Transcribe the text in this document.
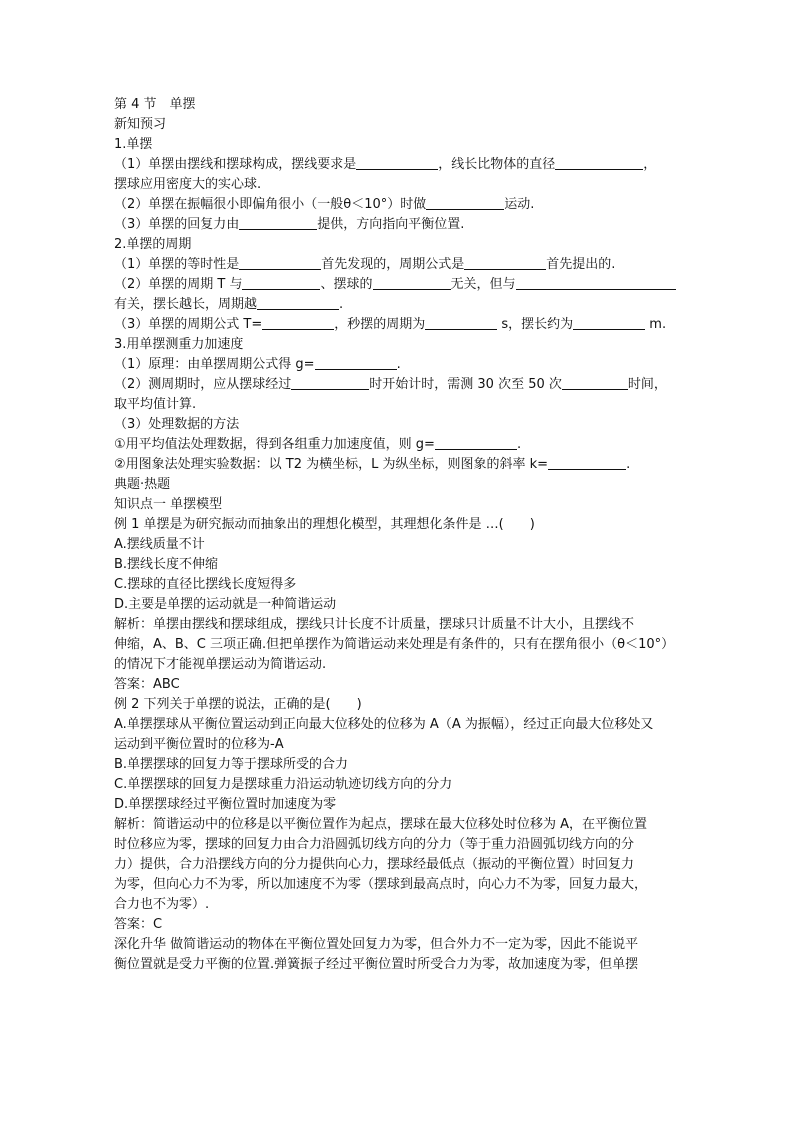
第 4 节　单摆
新知预习
1.单摆
（1）单摆由摆线和摆球构成，摆线要求是	，线长比物体的直径	，
摆球应用密度大的实心球.
（2）单摆在振幅很小即偏角很小（一般θ＜10°）时做	运动.
（3）单摆的回复力由	提供，方向指向平衡位置.
2.单摆的周期
（1）单摆的等时性是	首先发现的，周期公式是	首先提出的.
（2）单摆的周期 T 与	、摆球的	无关，但与
有关，摆长越长，周期越	.
（3）单摆的周期公式 T=	，秒摆的周期为	s，摆长约为	m.
3.用单摆测重力加速度
（1）原理：由单摆周期公式得 g=	.
（2）测周期时，应从摆球经过	时开始计时，需测 30 次至 50 次	时间，
取平均值计算.
（3）处理数据的方法
①用平均值法处理数据，得到各组重力加速度值，则 g=	.
②用图象法处理实验数据：以 T2 为横坐标，L 为纵坐标，则图象的斜率 k=	.
典题·热题
知识点一 单摆模型
例 1 单摆是为研究振动而抽象出的理想化模型，其理想化条件是 …(　　)
A.摆线质量不计
B.摆线长度不伸缩
C.摆球的直径比摆线长度短得多
D.主要是单摆的运动就是一种简谐运动
解析：单摆由摆线和摆球组成，摆线只计长度不计质量，摆球只计质量不计大小，且摆线不
伸缩，A、B、C 三项正确.但把单摆作为简谐运动来处理是有条件的，只有在摆角很小（θ＜10°）
的情况下才能视单摆运动为简谐运动.
答案：ABC
例 2 下列关于单摆的说法，正确的是(　　)
A.单摆摆球从平衡位置运动到正向最大位移处的位移为 A（A 为振幅），经过正向最大位移处又
运动到平衡位置时的位移为-A
B.单摆摆球的回复力等于摆球所受的合力
C.单摆摆球的回复力是摆球重力沿运动轨迹切线方向的分力
D.单摆摆球经过平衡位置时加速度为零
解析：简谐运动中的位移是以平衡位置作为起点，摆球在最大位移处时位移为 A，在平衡位置
时位移应为零，摆球的回复力由合力沿圆弧切线方向的分力（等于重力沿圆弧切线方向的分
力）提供，合力沿摆线方向的分力提供向心力，摆球经最低点（振动的平衡位置）时回复力
为零，但向心力不为零，所以加速度不为零（摆球到最高点时，向心力不为零，回复力最大，
合力也不为零）.
答案：C
深化升华 做简谐运动的物体在平衡位置处回复力为零，但合外力不一定为零，因此不能说平
衡位置就是受力平衡的位置.弹簧振子经过平衡位置时所受合力为零，故加速度为零，但单摆
